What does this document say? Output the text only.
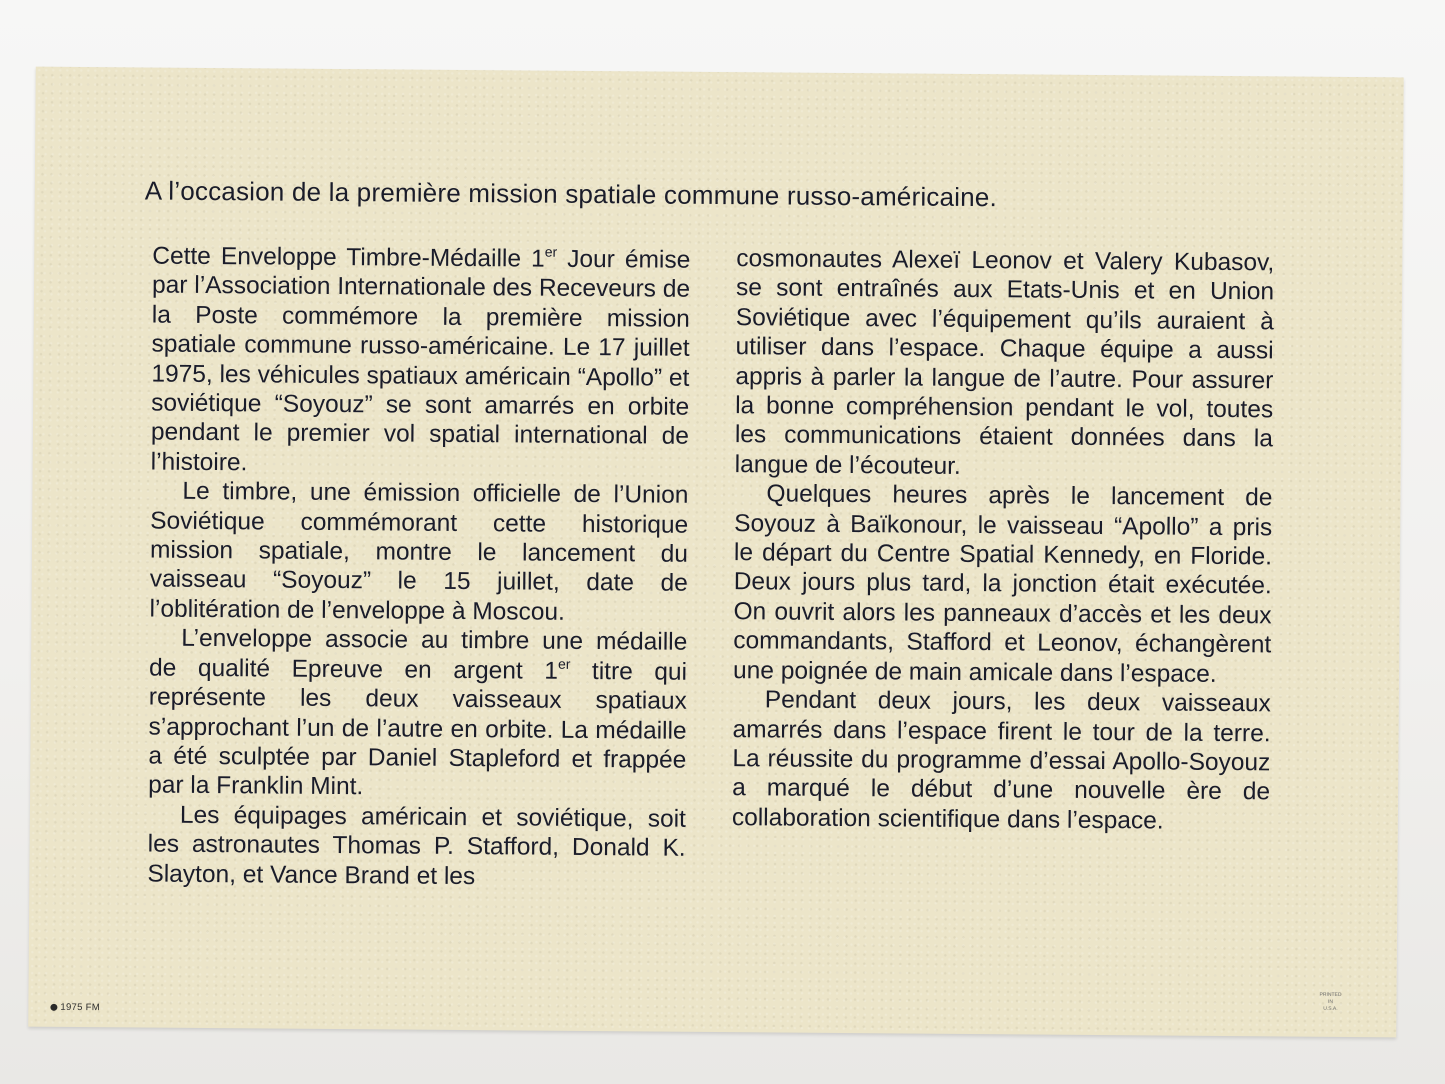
A l’occasion de la première mission spatiale commune russo-américaine.

Cette Enveloppe Timbre-Médaille 1er Jour émise par l’Association Internationale des Receveurs de la Poste commémore la première mission spatiale commune russo-américaine. Le 17 juillet 1975, les véhicules spatiaux américain “Apollo” et soviétique “Soyouz” se sont amarrés en orbite pendant le premier vol spatial international de l’histoire.

Le timbre, une émission officielle de l’Union Soviétique commémorant cette historique mission spatiale, montre le lancement du vaisseau “Soyouz” le 15 juillet, date de l’oblitération de l’enveloppe à Moscou.

L’enveloppe associe au timbre une médaille de qualité Epreuve en argent 1er titre qui représente les deux vaisseaux spatiaux s’approchant l’un de l’autre en orbite. La médaille a été sculptée par Daniel Stapleford et frappée par la Franklin Mint.

Les équipages américain et soviétique, soit les astronautes Thomas P. Stafford, Donald K. Slayton, et Vance Brand et les

cosmonautes Alexeï Leonov et Valery Kubasov, se sont entraînés aux Etats-Unis et en Union Soviétique avec l’équipement qu’ils auraient à utiliser dans l’espace. Chaque équipe a aussi appris à parler la langue de l’autre. Pour assurer la bonne compréhension pendant le vol, toutes les communications étaient données dans la langue de l’écouteur.

Quelques heures après le lancement de Soyouz à Baïkonour, le vaisseau “Apollo” a pris le départ du Centre Spatial Kennedy, en Floride. Deux jours plus tard, la jonction était exécutée. On ouvrit alors les panneaux d’accès et les deux commandants, Stafford et Leonov, échangèrent une poignée de main amicale dans l’espace.

Pendant deux jours, les deux vaisseaux amarrés dans l’espace firent le tour de la terre. La réussite du programme d’essai Apollo-Soyouz a marqué le début d’une nouvelle ère de collaboration scientifique dans l’espace.

1975 FM
PRINTED
IN
U.S.A.
